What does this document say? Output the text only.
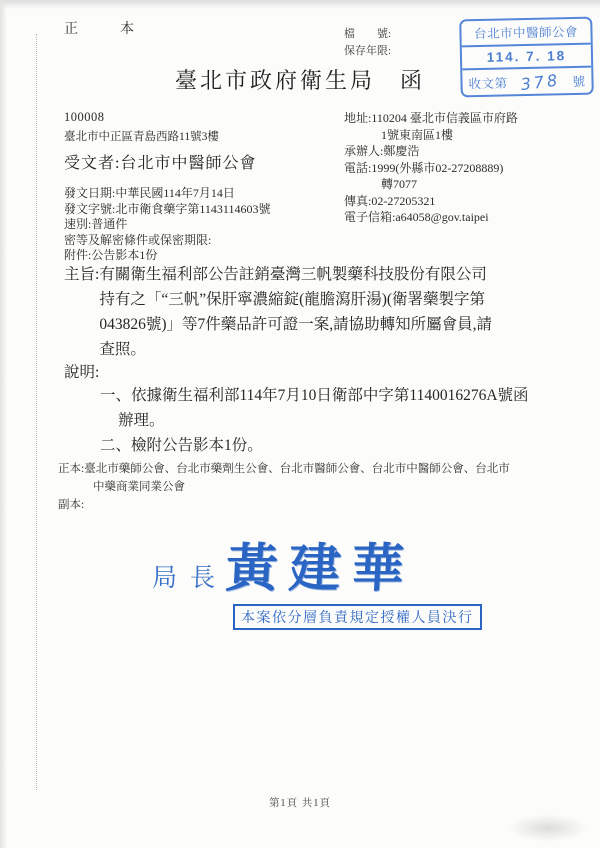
正　本	檔　　號:
保存年限:
台北市中醫師公會
114. 7. 18
收文第 378 號
臺北市政府衛生局　函
100008
臺北市中正區青島西路11號3樓
受文者:台北市中醫師公會
發文日期:中華民國114年7月14日
發文字號:北市衛食藥字第1143114603號
速別:普通件
密等及解密條件或保密期限:
附件:公告影本1份
地址:110204 臺北市信義區市府路
1號東南區1樓
承辦人:鄭慶浩
電話:1999(外縣市02-27208889)
轉7077
傳真:02-27205321
電子信箱:a64058@gov.taipei
主旨: 有關衛生福利部公告註銷臺灣三帆製藥科技股份有限公司持有之「“三帆”保肝寧濃縮錠(龍膽瀉肝湯)(衛署藥製字第043826號)」等7件藥品許可證一案,請協助轉知所屬會員,請查照。
說明:
一、依據衛生福利部114年7月10日衛部中字第1140016276A號函辦理。
二、檢附公告影本1份。
正本:臺北市藥師公會、台北市藥劑生公會、台北市醫師公會、台北市中醫師公會、台北市中藥商業同業公會
副本:
局長
黃建華
本案依分層負責規定授權人員決行
第1頁 共1頁
